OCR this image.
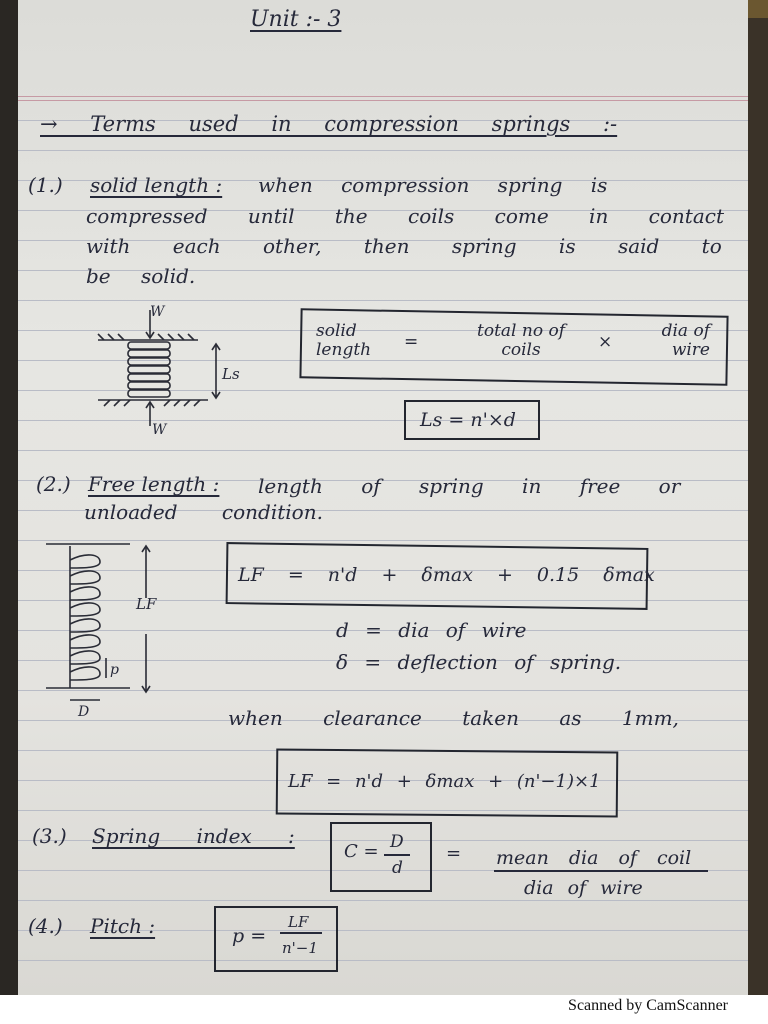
Unit :- 3
→ Terms used in compression springs :-
(1.) solid length : when compression spring is
compressed until the coils come in contact
with each other, then spring is said to
be solid.
W
W
Ls
solid length	=
total no of coils	×
dia of wire
Ls = n'×d
(2.) Free length : length of spring in free or
unloaded condition.
LF
p
D
LF = n'd + δmax + 0.15 δmax
d = dia of wire
δ = deflection of spring.
when clearance taken as 1mm,
LF = n'd + δmax + (n'−1)×1
(3.) Spring index :
C = D
d
= mean dia of coil
dia of wire
(4.) Pitch :	p =
LF
n'−1
Scanned by CamScanner
